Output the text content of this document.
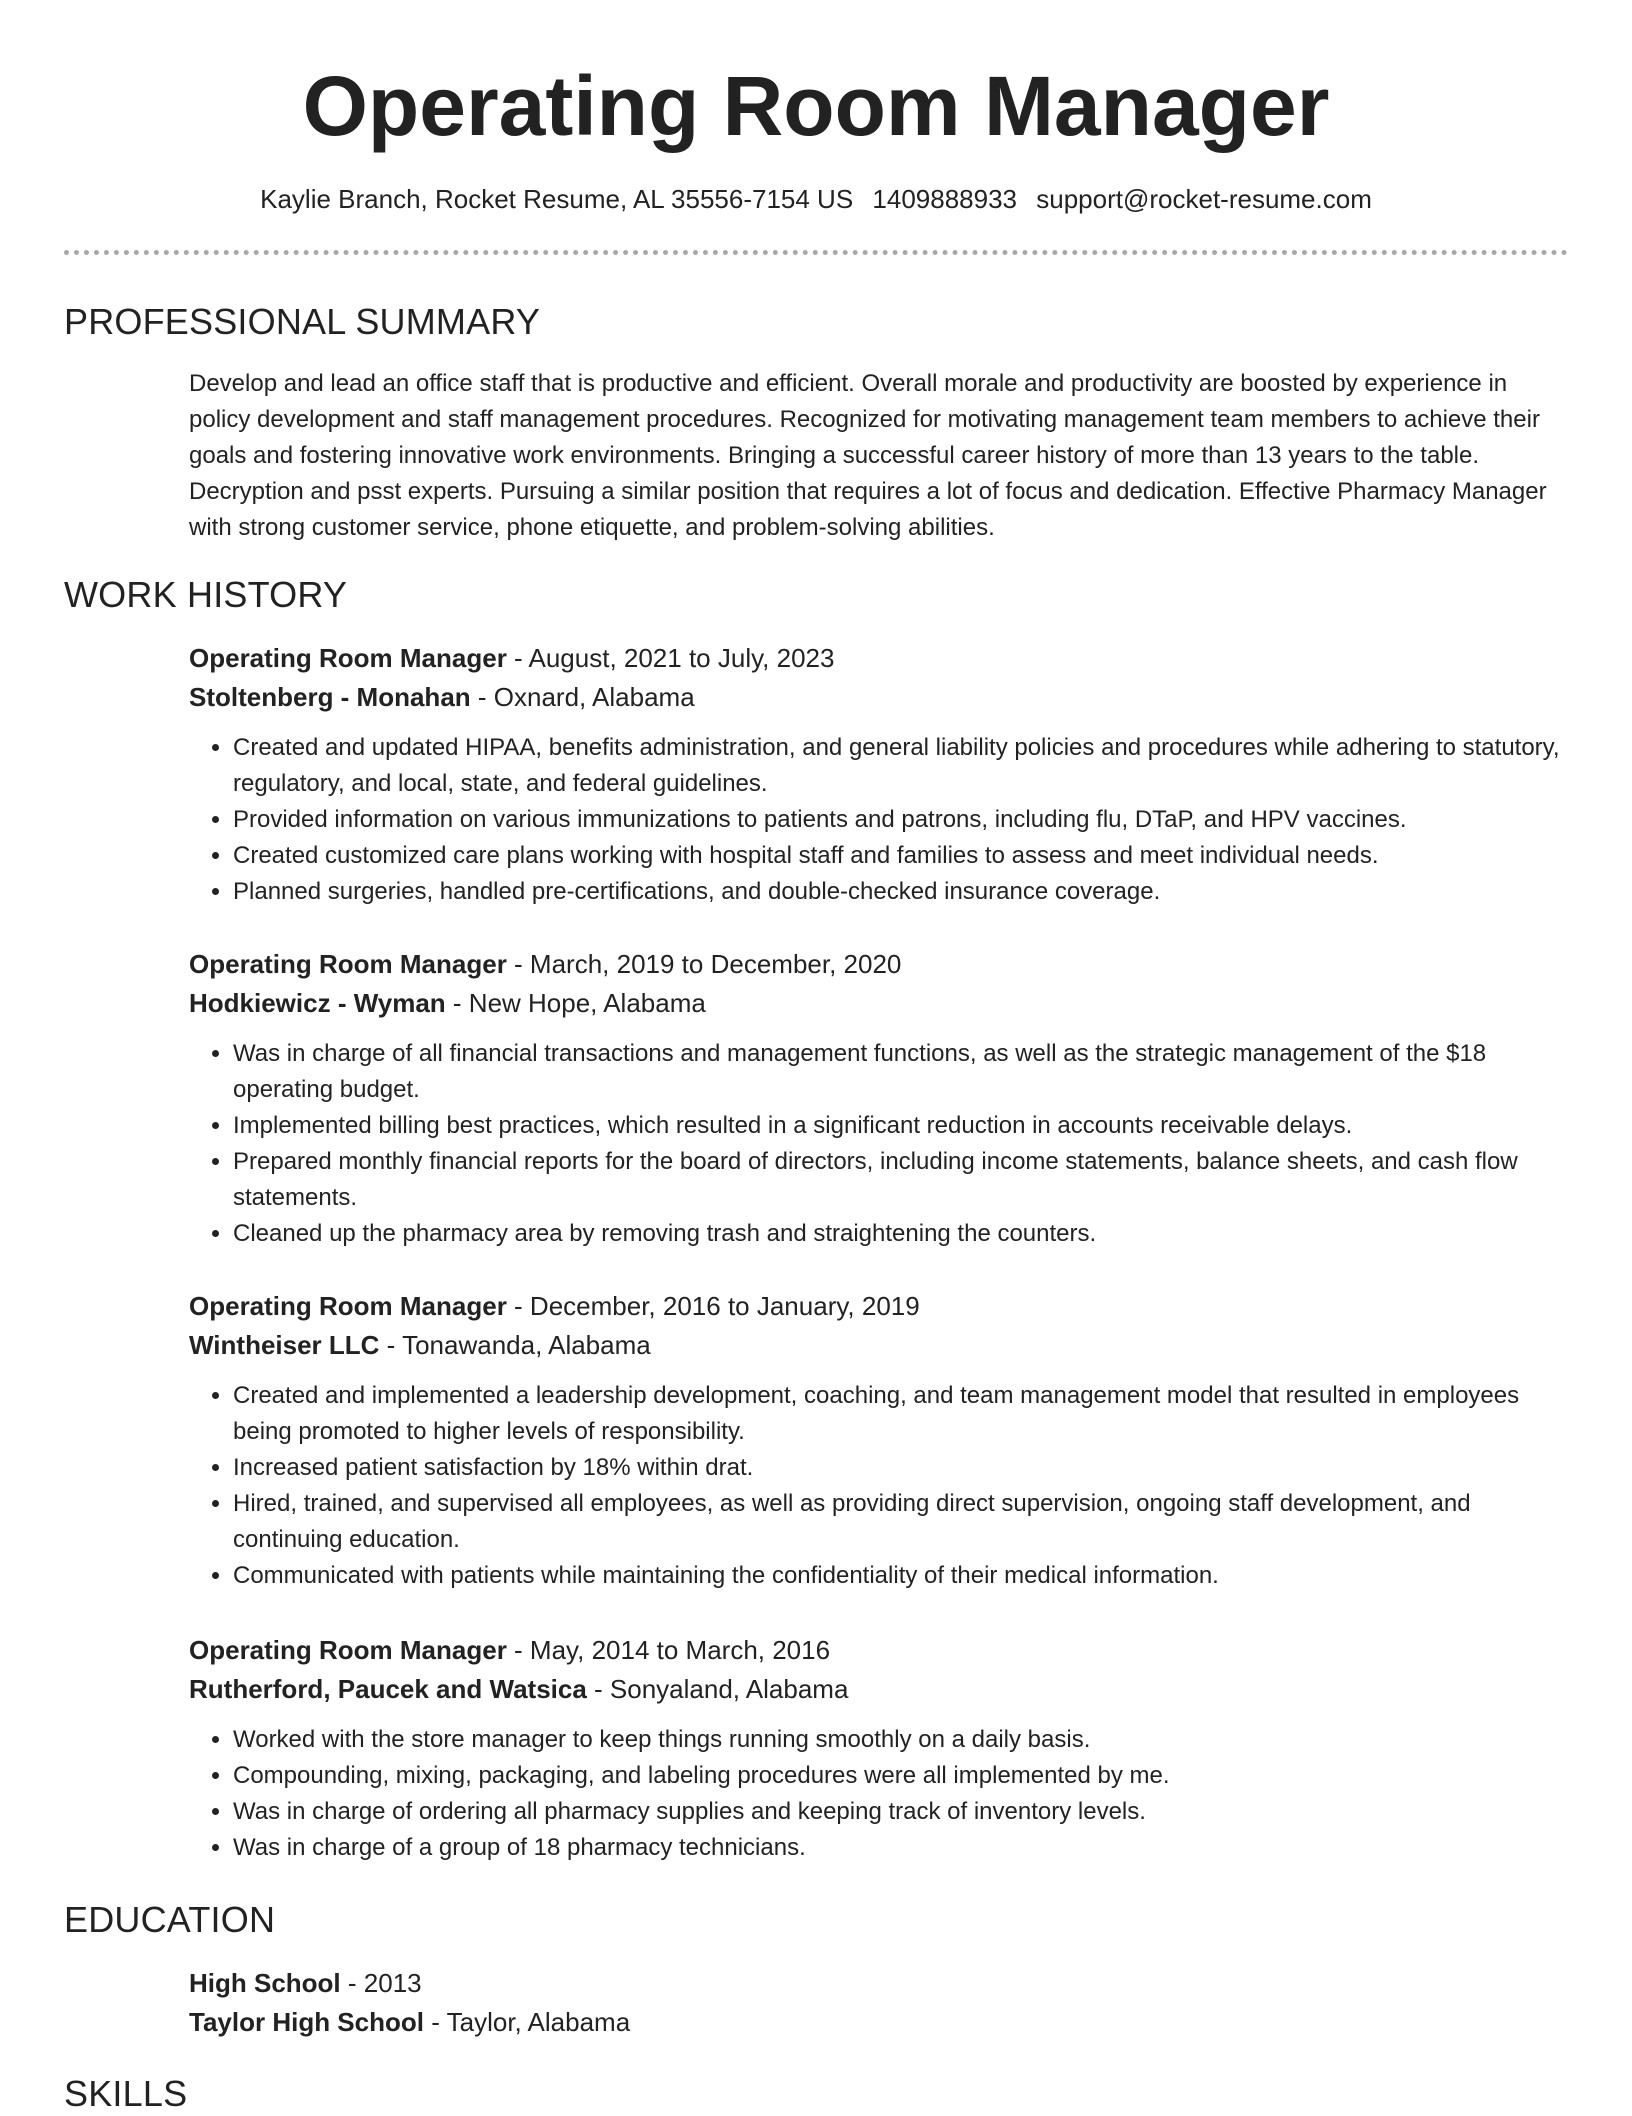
Operating Room Manager
Kaylie Branch, Rocket Resume, AL 35556-7154 US 1409888933 support@rocket-resume.com
PROFESSIONAL SUMMARY
Develop and lead an office staff that is productive and efficient. Overall morale and productivity are boosted by experience in policy development and staff management procedures. Recognized for motivating management team members to achieve their goals and fostering innovative work environments. Bringing a successful career history of more than 13 years to the table. Decryption and psst experts. Pursuing a similar position that requires a lot of focus and dedication. Effective Pharmacy Manager with strong customer service, phone etiquette, and problem-solving abilities.
WORK HISTORY
Operating Room Manager - August, 2021 to July, 2023
Stoltenberg - Monahan - Oxnard, Alabama
• Created and updated HIPAA, benefits administration, and general liability policies and procedures while adhering to statutory, regulatory, and local, state, and federal guidelines.
• Provided information on various immunizations to patients and patrons, including flu, DTaP, and HPV vaccines.
• Created customized care plans working with hospital staff and families to assess and meet individual needs.
• Planned surgeries, handled pre-certifications, and double-checked insurance coverage.
Operating Room Manager - March, 2019 to December, 2020
Hodkiewicz - Wyman - New Hope, Alabama
• Was in charge of all financial transactions and management functions, as well as the strategic management of the $18 operating budget.
• Implemented billing best practices, which resulted in a significant reduction in accounts receivable delays.
• Prepared monthly financial reports for the board of directors, including income statements, balance sheets, and cash flow statements.
• Cleaned up the pharmacy area by removing trash and straightening the counters.
Operating Room Manager - December, 2016 to January, 2019
Wintheiser LLC - Tonawanda, Alabama
• Created and implemented a leadership development, coaching, and team management model that resulted in employees being promoted to higher levels of responsibility.
• Increased patient satisfaction by 18% within drat.
• Hired, trained, and supervised all employees, as well as providing direct supervision, ongoing staff development, and continuing education.
• Communicated with patients while maintaining the confidentiality of their medical information.
Operating Room Manager - May, 2014 to March, 2016
Rutherford, Paucek and Watsica - Sonyaland, Alabama
• Worked with the store manager to keep things running smoothly on a daily basis.
• Compounding, mixing, packaging, and labeling procedures were all implemented by me.
• Was in charge of ordering all pharmacy supplies and keeping track of inventory levels.
• Was in charge of a group of 18 pharmacy technicians.
EDUCATION
High School - 2013
Taylor High School - Taylor, Alabama
SKILLS
